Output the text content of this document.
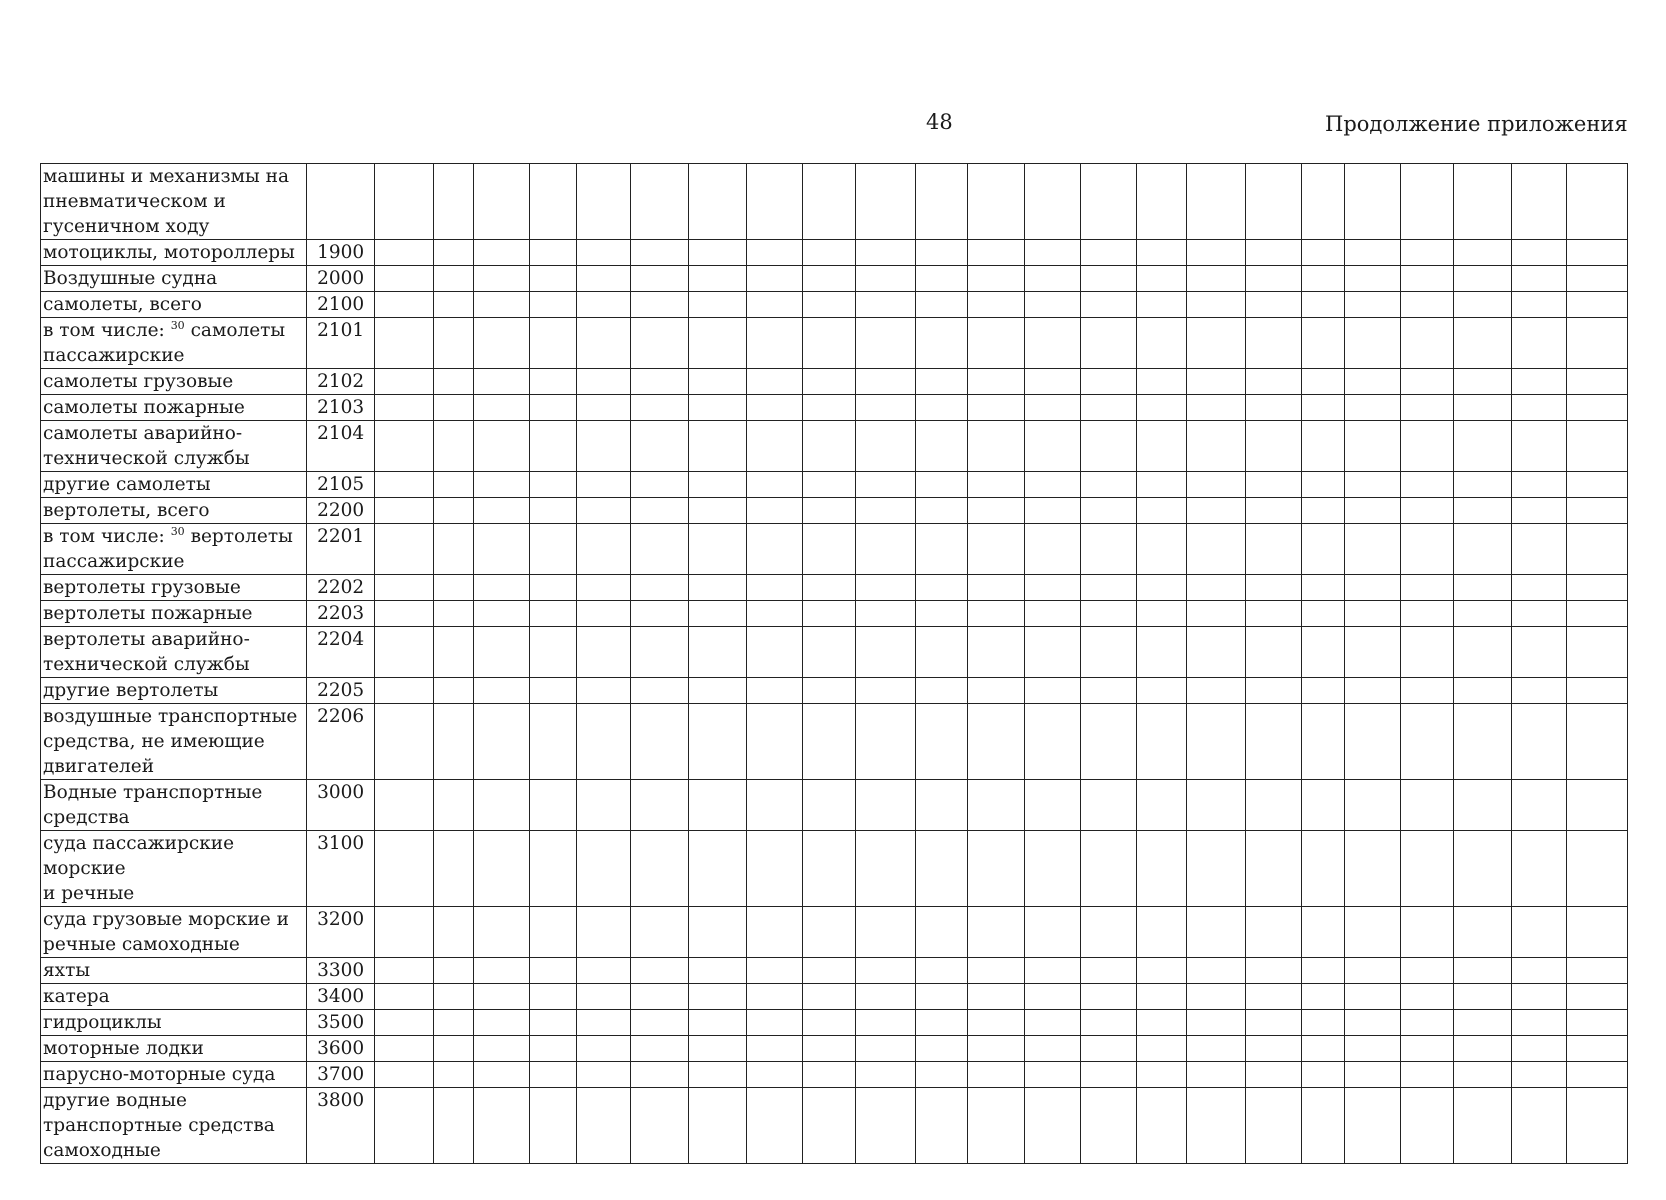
48	Продолжение приложения
машины и механизмы на
пневматическом и
гусеничном ходу																								
мотоциклы, мотороллеры	1900																							
Воздушные судна	2000																							
самолеты, всего	2100																							
в том числе: $^{30}$ самолеты
пассажирские	2101																							
самолеты грузовые	2102																							
самолеты пожарные	2103																							
самолеты аварийно-
технической службы	2104																							
другие самолеты	2105																							
вертолеты, всего	2200																							
в том числе: $^{30}$ вертолеты
пассажирские	2201																							
вертолеты грузовые	2202																							
вертолеты пожарные	2203																							
вертолеты аварийно-
технической службы	2204																							
другие вертолеты	2205																							
воздушные транспортные
средства, не имеющие
двигателей	2206																							
Водные транспортные
средства	3000																							
суда пассажирские морские
и речные	3100																							
суда грузовые морские и
речные самоходные	3200																							
яхты	3300																							
катера	3400																							
гидроциклы	3500																							
моторные лодки	3600																							
парусно-моторные суда	3700																							
другие водные
транспортные средства
самоходные	3800																							
